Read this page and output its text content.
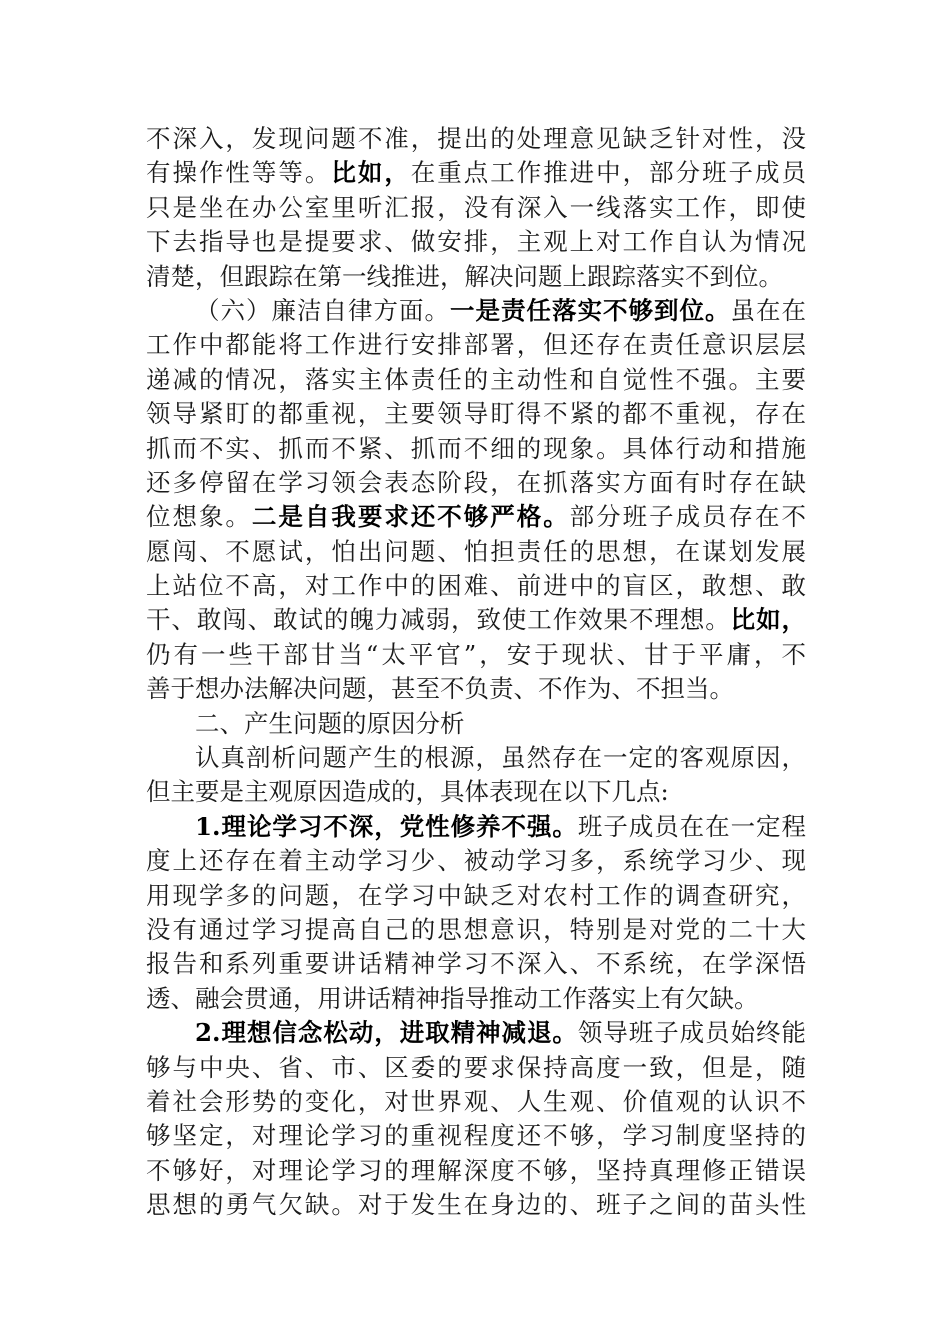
不深入，发现问题不准，提出的处理意见缺乏针对性，没
有操作性等等。比如，在重点工作推进中，部分班子成员
只是坐在办公室里听汇报，没有深入一线落实工作，即使
下去指导也是提要求、做安排，主观上对工作自认为情况
清楚，但跟踪在第一线推进，解决问题上跟踪落实不到位。
（六）廉洁自律方面。一是责任落实不够到位。虽在在
工作中都能将工作进行安排部署，但还存在责任意识层层
递减的情况，落实主体责任的主动性和自觉性不强。主要
领导紧盯的都重视，主要领导盯得不紧的都不重视，存在
抓而不实、抓而不紧、抓而不细的现象。具体行动和措施
还多停留在学习领会表态阶段，在抓落实方面有时存在缺
位想象。二是自我要求还不够严格。部分班子成员存在不
愿闯、不愿试，怕出问题、怕担责任的思想，在谋划发展
上站位不高，对工作中的困难、前进中的盲区，敢想、敢
干、敢闯、敢试的魄力减弱，致使工作效果不理想。比如，
仍有一些干部甘当“太平官”，安于现状、甘于平庸，不
善于想办法解决问题，甚至不负责、不作为、不担当。
二、产生问题的原因分析
认真剖析问题产生的根源，虽然存在一定的客观原因，
但主要是主观原因造成的，具体表现在以下几点:
1.理论学习不深，党性修养不强。班子成员在在一定程
度上还存在着主动学习少、被动学习多，系统学习少、现
用现学多的问题，在学习中缺乏对农村工作的调查研究，
没有通过学习提高自己的思想意识，特别是对党的二十大
报告和系列重要讲话精神学习不深入、不系统，在学深悟
透、融会贯通，用讲话精神指导推动工作落实上有欠缺。
2.理想信念松动，进取精神减退。领导班子成员始终能
够与中央、省、市、区委的要求保持高度一致，但是，随
着社会形势的变化，对世界观、人生观、价值观的认识不
够坚定，对理论学习的重视程度还不够，学习制度坚持的
不够好，对理论学习的理解深度不够，坚持真理修正错误
思想的勇气欠缺。对于发生在身边的、班子之间的苗头性
